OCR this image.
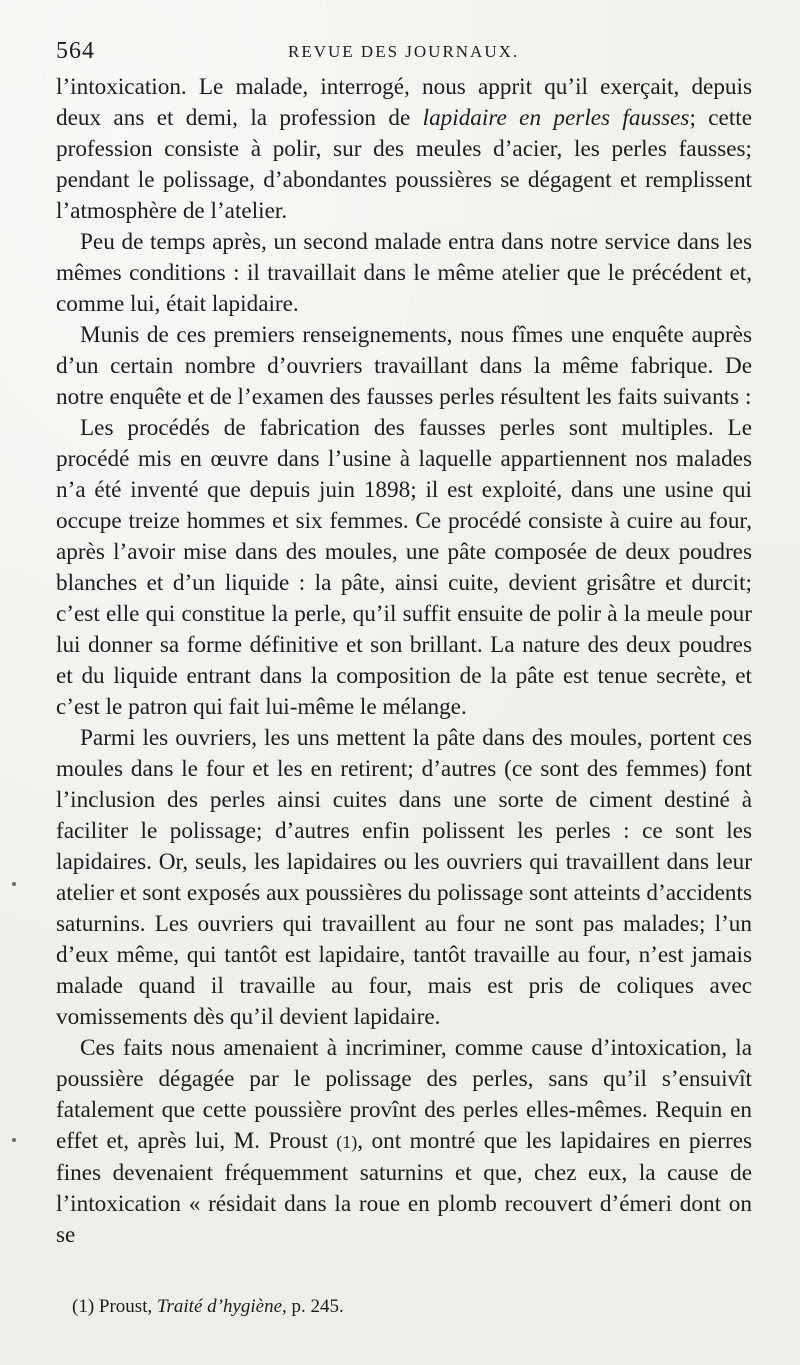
564	REVUE DES JOURNAUX.

l’intoxication. Le malade, interrogé, nous apprit qu’il exerçait, depuis deux ans et demi, la profession de lapidaire en perles fausses; cette profession consiste à polir, sur des meules d’acier, les perles fausses; pendant le polissage, d’abondantes poussières se dégagent et remplissent l’atmosphère de l’atelier.

Peu de temps après, un second malade entra dans notre service dans les mêmes conditions : il travaillait dans le même atelier que le précédent et, comme lui, était lapidaire.

Munis de ces premiers renseignements, nous fîmes une enquête auprès d’un certain nombre d’ouvriers travaillant dans la même fabrique. De notre enquête et de l’examen des fausses perles résultent les faits suivants :

Les procédés de fabrication des fausses perles sont multiples. Le procédé mis en œuvre dans l’usine à laquelle appartiennent nos malades n’a été inventé que depuis juin 1898; il est exploité, dans une usine qui occupe treize hommes et six femmes. Ce procédé consiste à cuire au four, après l’avoir mise dans des moules, une pâte composée de deux poudres blanches et d’un liquide : la pâte, ainsi cuite, devient grisâtre et durcit; c’est elle qui constitue la perle, qu’il suffit ensuite de polir à la meule pour lui donner sa forme définitive et son brillant. La nature des deux poudres et du liquide entrant dans la composition de la pâte est tenue secrète, et c’est le patron qui fait lui-même le mélange.

Parmi les ouvriers, les uns mettent la pâte dans des moules, portent ces moules dans le four et les en retirent; d’autres (ce sont des femmes) font l’inclusion des perles ainsi cuites dans une sorte de ciment destiné à faciliter le polissage; d’autres enfin polissent les perles : ce sont les lapidaires. Or, seuls, les lapidaires ou les ouvriers qui travaillent dans leur atelier et sont exposés aux poussières du polissage sont atteints d’accidents saturnins. Les ouvriers qui travaillent au four ne sont pas malades; l’un d’eux même, qui tantôt est lapidaire, tantôt travaille au four, n’est jamais malade quand il travaille au four, mais est pris de coliques avec vomissements dès qu’il devient lapidaire.

Ces faits nous amenaient à incriminer, comme cause d’intoxication, la poussière dégagée par le polissage des perles, sans qu’il s’ensuivît fatalement que cette poussière provînt des perles elles-mêmes. Requin en effet et, après lui, M. Proust (1), ont montré que les lapidaires en pierres fines devenaient fréquemment saturnins et que, chez eux, la cause de l’intoxication « résidait dans la roue en plomb recouvert d’émeri dont on se

(1) Proust, Traité d’hygiène, p. 245.
